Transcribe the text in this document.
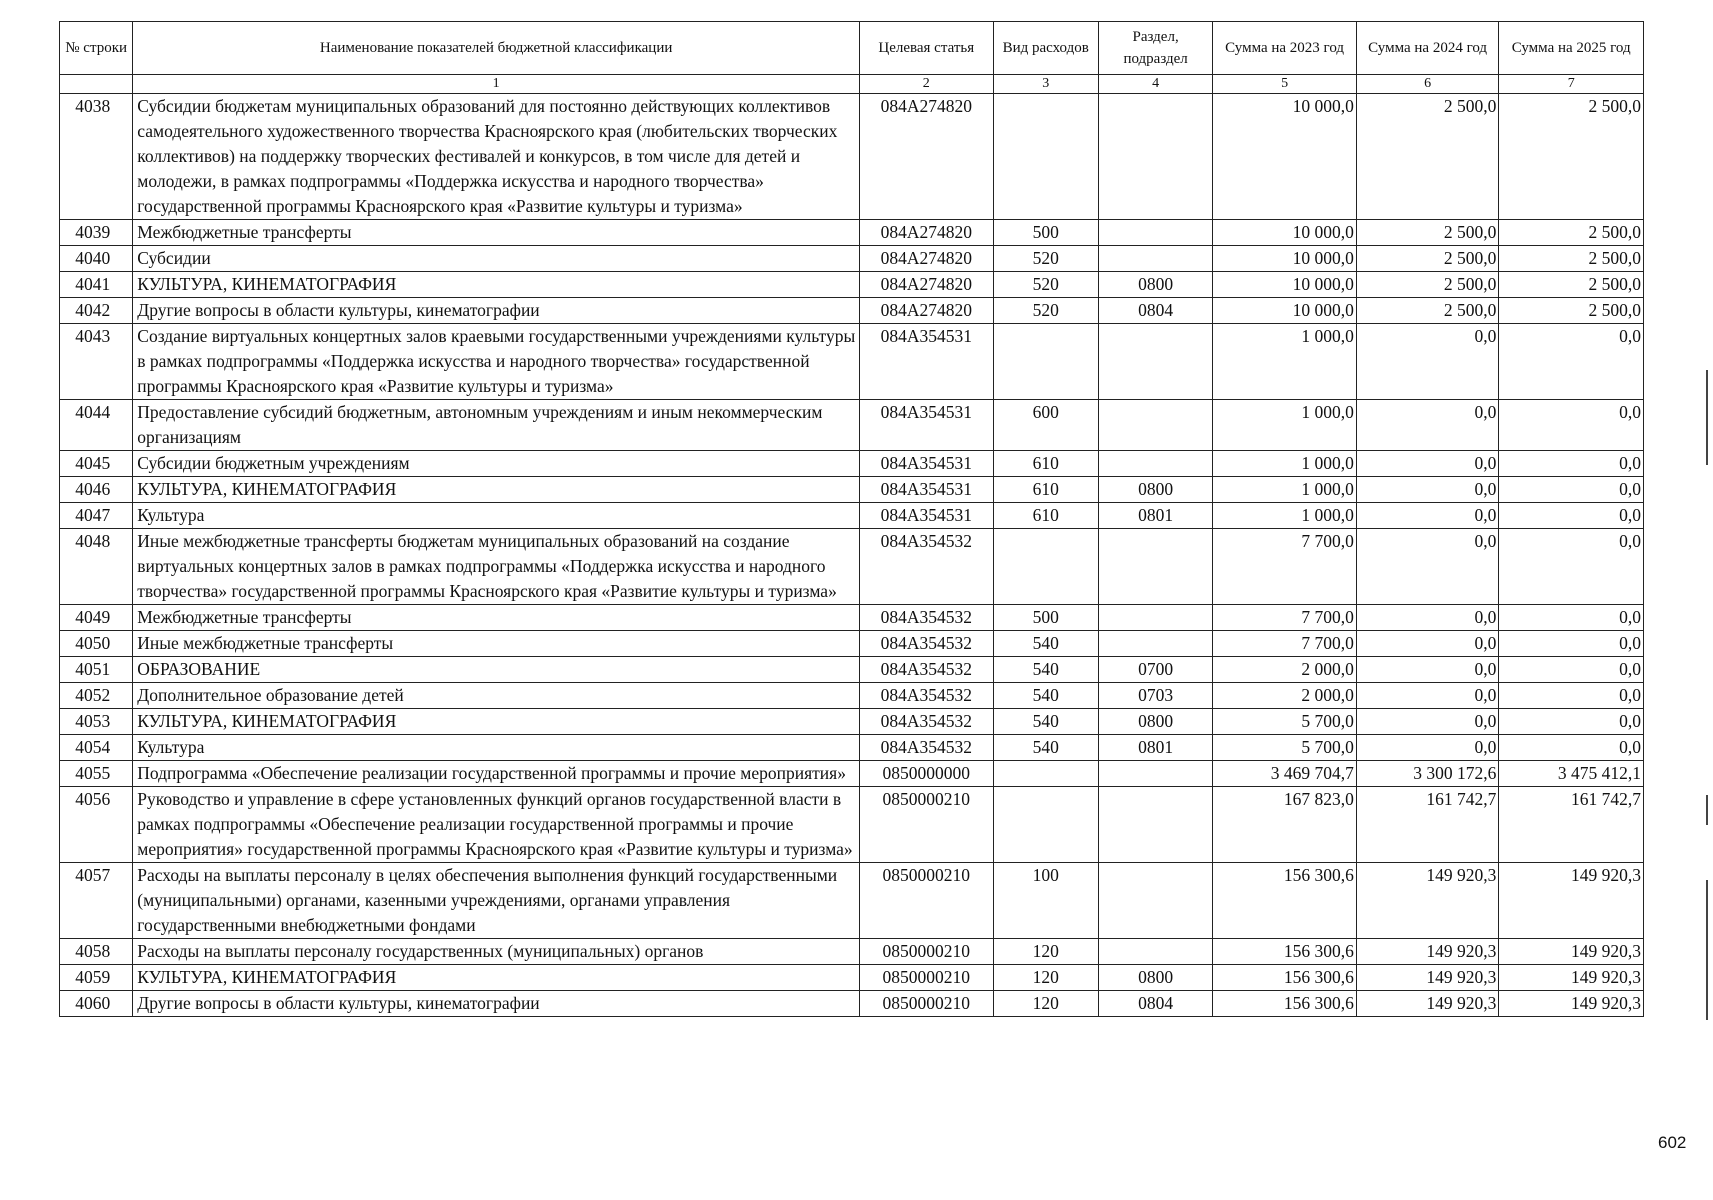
№ строки	Наименование показателей бюджетной классификации	Целевая статья	Вид расходов	Раздел, подраздел	Сумма на 2023 год	Сумма на 2024 год	Сумма на 2025 год
	1	2	3	4	5	6	7
4038	Субсидии бюджетам муниципальных образований для постоянно действующих коллективов самодеятельного художественного творчества Красноярского края (любительских творческих коллективов) на поддержку творческих фестивалей и конкурсов, в том числе для детей и молодежи, в рамках подпрограммы «Поддержка искусства и народного творчества» государственной программы Красноярского края «Развитие культуры и туризма»	084A274820			10 000,0	2 500,0	2 500,0
4039	Межбюджетные трансферты	084A274820	500		10 000,0	2 500,0	2 500,0
4040	Субсидии	084A274820	520		10 000,0	2 500,0	2 500,0
4041	КУЛЬТУРА, КИНЕМАТОГРАФИЯ	084A274820	520	0800	10 000,0	2 500,0	2 500,0
4042	Другие вопросы в области культуры, кинематографии	084A274820	520	0804	10 000,0	2 500,0	2 500,0
4043	Создание виртуальных концертных залов краевыми государственными учреждениями культуры в рамках подпрограммы «Поддержка искусства и народного творчества» государственной программы Красноярского края «Развитие культуры и туризма»	084A354531			1 000,0	0,0	0,0
4044	Предоставление субсидий бюджетным, автономным учреждениям и иным некоммерческим организациям	084A354531	600		1 000,0	0,0	0,0
4045	Субсидии бюджетным учреждениям	084A354531	610		1 000,0	0,0	0,0
4046	КУЛЬТУРА, КИНЕМАТОГРАФИЯ	084A354531	610	0800	1 000,0	0,0	0,0
4047	Культура	084A354531	610	0801	1 000,0	0,0	0,0
4048	Иные межбюджетные трансферты бюджетам муниципальных образований на создание виртуальных концертных залов в рамках подпрограммы «Поддержка искусства и народного творчества» государственной программы Красноярского края «Развитие культуры и туризма»	084A354532			7 700,0	0,0	0,0
4049	Межбюджетные трансферты	084A354532	500		7 700,0	0,0	0,0
4050	Иные межбюджетные трансферты	084A354532	540		7 700,0	0,0	0,0
4051	ОБРАЗОВАНИЕ	084A354532	540	0700	2 000,0	0,0	0,0
4052	Дополнительное образование детей	084A354532	540	0703	2 000,0	0,0	0,0
4053	КУЛЬТУРА, КИНЕМАТОГРАФИЯ	084A354532	540	0800	5 700,0	0,0	0,0
4054	Культура	084A354532	540	0801	5 700,0	0,0	0,0
4055	Подпрограмма «Обеспечение реализации государственной программы и прочие мероприятия»	0850000000			3 469 704,7	3 300 172,6	3 475 412,1
4056	Руководство и управление в сфере установленных функций органов государственной власти в рамках подпрограммы «Обеспечение реализации государственной программы и прочие мероприятия» государственной программы Красноярского края «Развитие культуры и туризма»	0850000210			167 823,0	161 742,7	161 742,7
4057	Расходы на выплаты персоналу в целях обеспечения выполнения функций государственными (муниципальными) органами, казенными учреждениями, органами управления государственными внебюджетными фондами	0850000210	100		156 300,6	149 920,3	149 920,3
4058	Расходы на выплаты персоналу государственных (муниципальных) органов	0850000210	120		156 300,6	149 920,3	149 920,3
4059	КУЛЬТУРА, КИНЕМАТОГРАФИЯ	0850000210	120	0800	156 300,6	149 920,3	149 920,3
4060	Другие вопросы в области культуры, кинематографии	0850000210	120	0804	156 300,6	149 920,3	149 920,3
602
